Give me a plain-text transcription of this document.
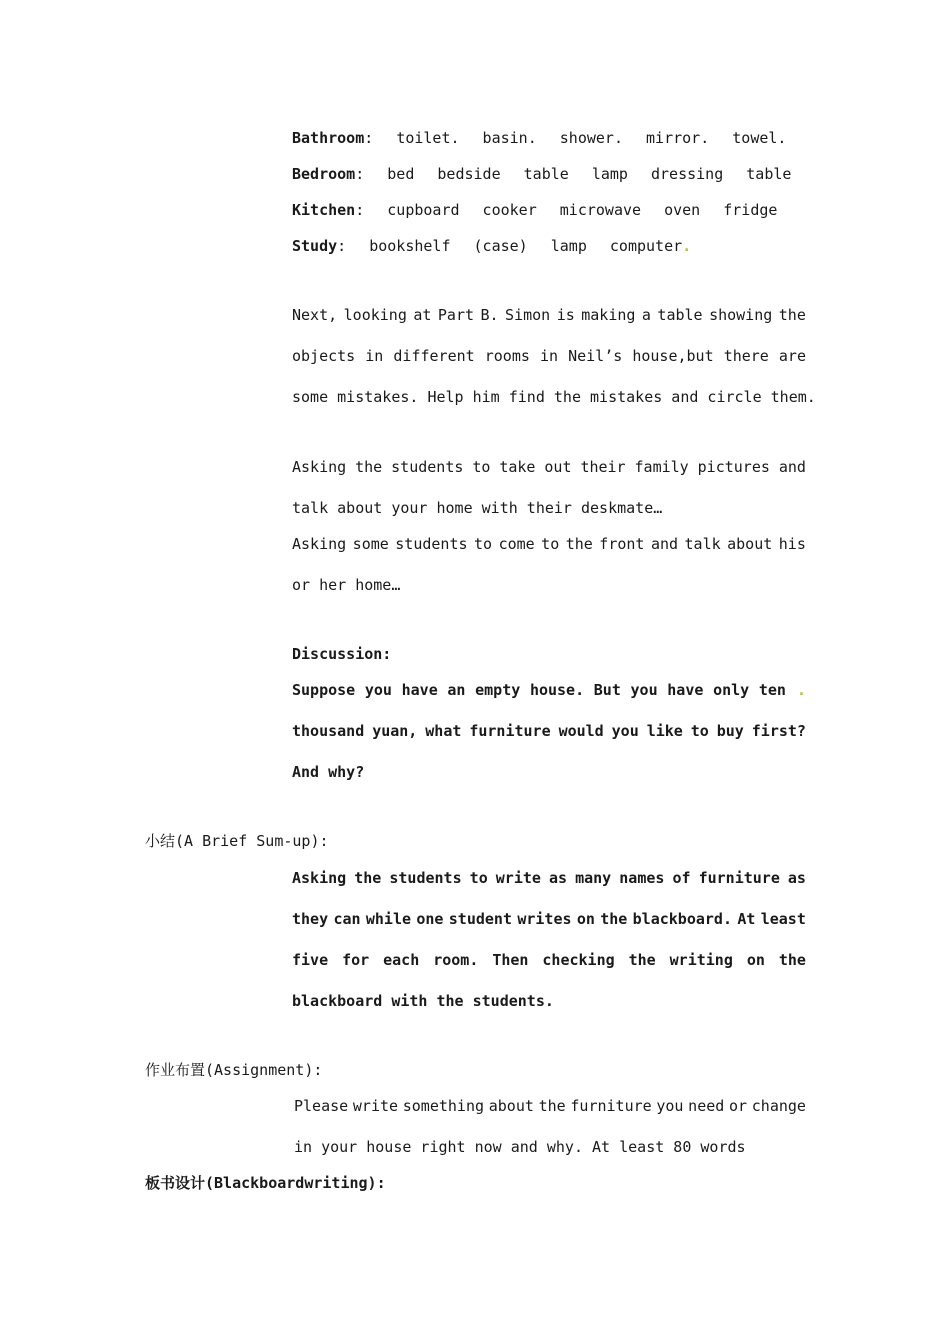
Bathroom: toilet. basin. shower. mirror. towel.
Bedroom: bed bedside table lamp dressing table
Kitchen: cupboard cooker microwave oven fridge
Study: bookshelf (case) lamp computer.
Next, looking at Part B. Simon is making a table showing the
objects in different rooms in Neil’s house,but there are
some mistakes. Help him find the mistakes and circle them.
Asking the students to take out their family pictures and
talk about your home with their deskmate…
Asking some students to come to the front and talk about his
or her home…
Discussion:
Suppose you have an empty house. But you have only ten .
thousand yuan, what furniture would you like to buy first?
And why?
小结(A Brief Sum-up):
Asking the students to write as many names of furniture as
they can while one student writes on the blackboard. At least
five for each room. Then checking the writing on the
blackboard with the students.
作业布置(Assignment):
Please write something about the furniture you need or change
in your house right now and why. At least 80 words
板书设计(Blackboardwriting):
